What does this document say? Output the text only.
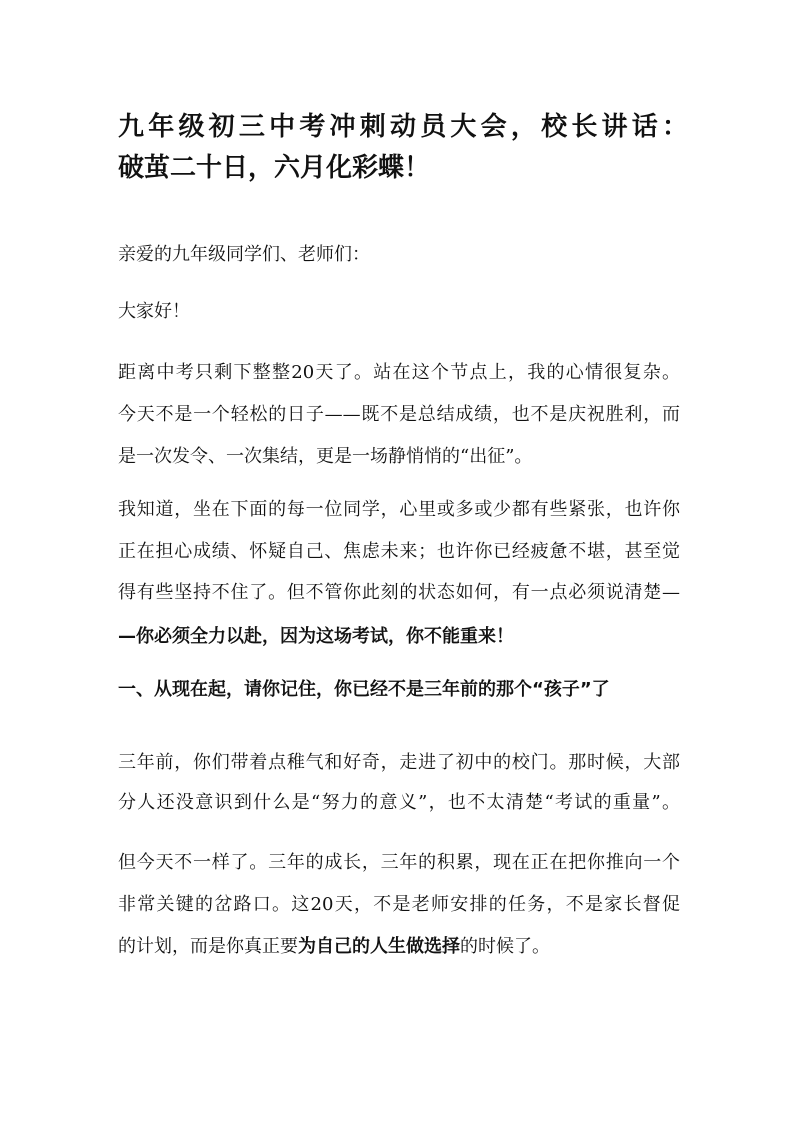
九年级初三中考冲刺动员大会，校长讲话：
破茧二十日，六月化彩蝶！
亲爱的九年级同学们、老师们：
大家好！
距离中考只剩下整整20天了。站在这个节点上，我的心情很复杂。
今天不是一个轻松的日子——既不是总结成绩，也不是庆祝胜利，而
是一次发令、一次集结，更是一场静悄悄的“出征”。
我知道，坐在下面的每一位同学，心里或多或少都有些紧张，也许你
正在担心成绩、怀疑自己、焦虑未来；也许你已经疲惫不堪，甚至觉
得有些坚持不住了。但不管你此刻的状态如何，有一点必须说清楚—
—你必须全力以赴，因为这场考试，你不能重来！
一、从现在起，请你记住，你已经不是三年前的那个“孩子”了
三年前，你们带着点稚气和好奇，走进了初中的校门。那时候，大部
分人还没意识到什么是“努力的意义”，也不太清楚“考试的重量”。
但今天不一样了。三年的成长，三年的积累，现在正在把你推向一个
非常关键的岔路口。这20天，不是老师安排的任务，不是家长督促
的计划，而是你真正要为自己的人生做选择的时候了。
